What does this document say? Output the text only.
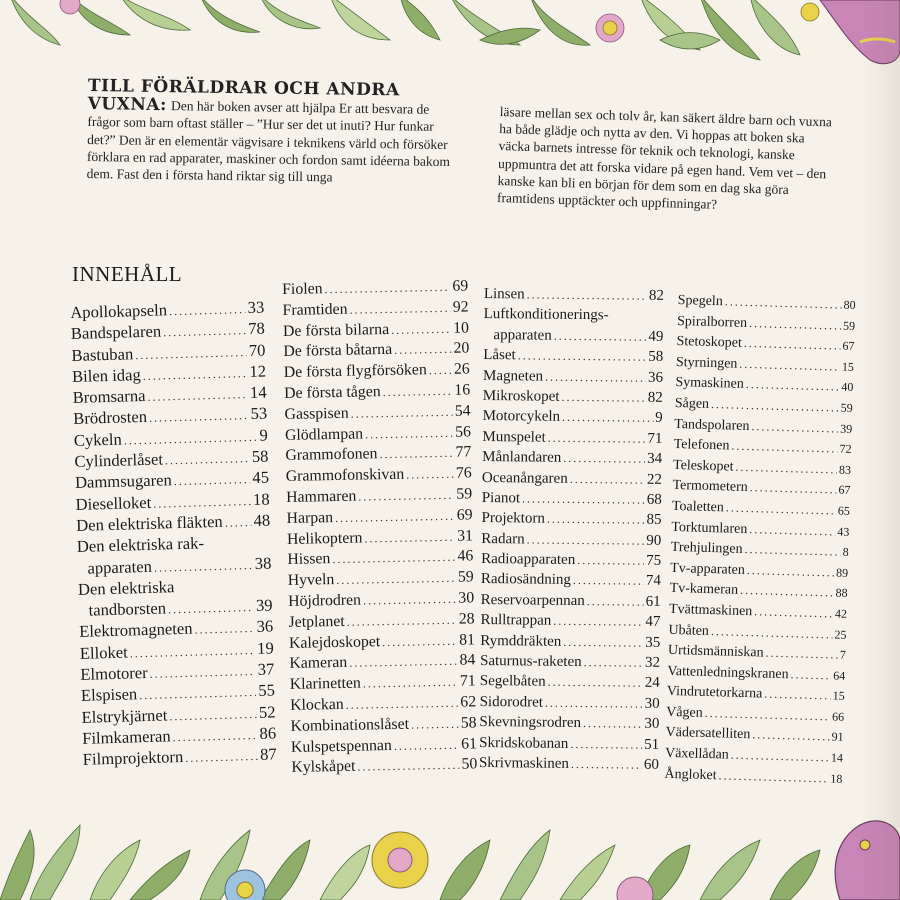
TILL FÖRÄLDRAR OCH ANDRA VUXNA: Den här boken avser att hjälpa Er att besvara de frågor som barn oftast ställer – ”Hur ser det ut inuti? Hur funkar det?” Den är en elementär vägvisare i teknikens värld och försöker förklara en rad apparater, maskiner och fordon samt idéerna bakom dem. Fast den i första hand riktar sig till unga
läsare mellan sex och tolv år, kan säkert äldre barn och vuxna ha både glädje och nytta av den. Vi hoppas att boken ska väcka barnets intresse för teknik och teknologi, kanske uppmuntra det att forska vidare på egen hand. Vem vet – den kanske kan bli en början för dem som en dag ska göra framtidens upptäckter och uppfinningar?
INNEHÅLL
Apollokapseln . . .	33
Bandspelaren . . .	78
Bastuban . . .	70
Bilen idag . . .	12
Bromsarna . . .	14
Brödrosten . . .	53
Cykeln . . .	9
Cylinderlåset . . .	58
Dammsugaren . . .	45
Dieselloket . . .	18
Den elektriska fläkten . . . 48
Den elektriska rak-
apparaten . . .	38
Den elektriska
tandborsten . . .	39
Elektromagneten . . .	36
Elloket . . .	19
Elmotorer . . .	37
Elspisen . . .	55
Elstrykjärnet . . .	52
Filmkameran . . .	86
Filmprojektorn . . .	87
Fiolen . . .	69
Framtiden . . .	92
De första bilarna . . .	10
De första båtarna . . .	20
De första flygförsöken . . . 26
De första tågen . . .	16
Gasspisen . . .	54
Glödlampan . . .	56
Grammofonen . . .	77
Grammofonskivan . . .	76
Hammaren . . .	59
Harpan . . .	69
Helikoptern . . .	31
Hissen . . .	46
Hyveln . . .	59
Höjdrodren . . .	30
Jetplanet . . .	28
Kalejdoskopet . . .	81
Kameran . . .	84
Klarinetten . . .	71
Klockan . . .	62
Kombinationslåset . . .	58
Kulspetspennan . . .	61
Kylskåpet . . .	50
Linsen . . .	82
Luftkonditionerings-
apparaten . . .	49
Låset . . .	58
Magneten . . .	36
Mikroskopet . . .	82
Motorcykeln . . .	9
Munspelet . . .	71
Månlandaren . . .	34
Oceanångaren . . .	22
Pianot . . .	68
Projektorn . . .	85
Radarn . . .	90
Radioapparaten . . .	75
Radiosändning . . .	74
Reservoarpennan . . .	61
Rulltrappan . . .	47
Rymddräkten . . .	35
Saturnus-raketen . . .	32
Segelbåten . . .	24
Sidorodret . . .	30
Skevningsrodren . . .	30
Skridskobanan . . .	51
Skrivmaskinen . . .	60
Spegeln . . .	80
Spiralborren . . .	59
Stetoskopet . . .	67
Styrningen . . .	15
Symaskinen . . .	40
Sågen . . .	59
Tandspolaren . . .	39
Telefonen . . .	72
Teleskopet . . .	83
Termometern . . .	67
Toaletten . . .	65
Torktumlaren . . .	43
Trehjulingen . . .	8
Tv-apparaten . . .	89
Tv-kameran . . .	88
Tvättmaskinen . . .	42
Ubåten . . .	25
Urtidsmänniskan . . .	7
Vattenledningskranen . . .	64
Vindrutetorkarna . . .	15
Vågen . . .	66
Vädersatelliten . . .	91
Växellådan . . .	14
Ångloket . . .	18
